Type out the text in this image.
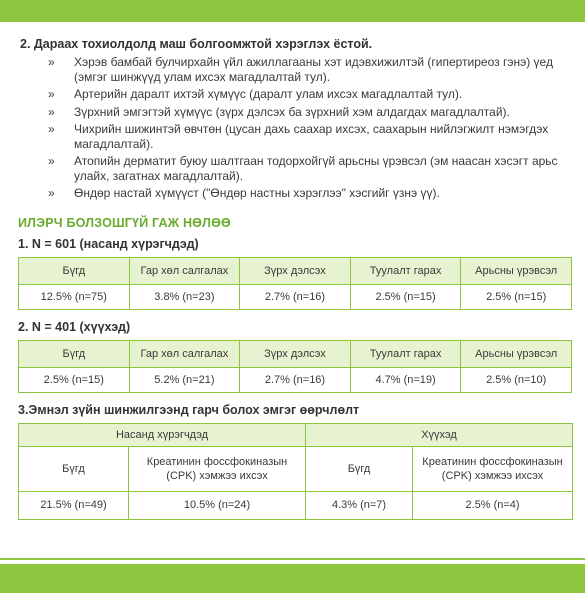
2. Дараах тохиолдолд маш болгоомжтой хэрэглэх ёстой.
» Хэрэв бамбай булчирхайн үйл ажиллагааны хэт идэвхижилтэй (гипертиреоз гэнэ) үед (эмгэг шинжүүд улам ихсэх магадлалтай тул).
» Артерийн даралт ихтэй хүмүүс (даралт улам ихсэх магадлалтай тул).
» Зүрхний эмгэгтэй хүмүүс (зүрх дэлсэх ба зүрхний хэм алдагдах магадлалтай).
» Чихрийн шижинтэй өвчтөн (цусан дахь саахар ихсэх, саахарын нийлэгжилт нэмэгдэх магадлалтай).
» Атопийн дерматит буюу шалтгаан тодорхойгүй арьсны үрэвсэл (эм наасан хэсэгт арьс улайх, загатнах магадлалтай).
» Өндөр настай хүмүүст ("Өндөр настны хэрэглээ" хэсгийг үзнэ үү).
ИЛЭРЧ БОЛЗОШГҮЙ ГАЖ НӨЛӨӨ
1. N = 601 (насанд хүрэгчдэд)
Бүгд	Гар хөл салгалах	Зүрх дэлсэх	Туулалт гарах	Арьсны үрэвсэл
12.5% (n=75)	3.8% (n=23)	2.7% (n=16)	2.5% (n=15)	2.5% (n=15)
2. N = 401 (хүүхэд)
Бүгд	Гар хөл салгалах	Зүрх дэлсэх	Туулалт гарах	Арьсны үрэвсэл
2.5% (n=15)	5.2% (n=21)	2.7% (n=16)	4.7% (n=19)	2.5% (n=10)
3.Эмнэл зүйн шинжилгээнд гарч болох эмгэг өөрчлөлт
Насанд хүрэгчдэд		Хүүхэд	
Бүгд	Креатинин фоссфокиназын (CPK) хэмжээ ихсэх	Бүгд	Креатинин фоссфокиназын (CPK) хэмжээ ихсэх
21.5% (n=49)	10.5% (n=24)	4.3% (n=7)	2.5% (n=4)
